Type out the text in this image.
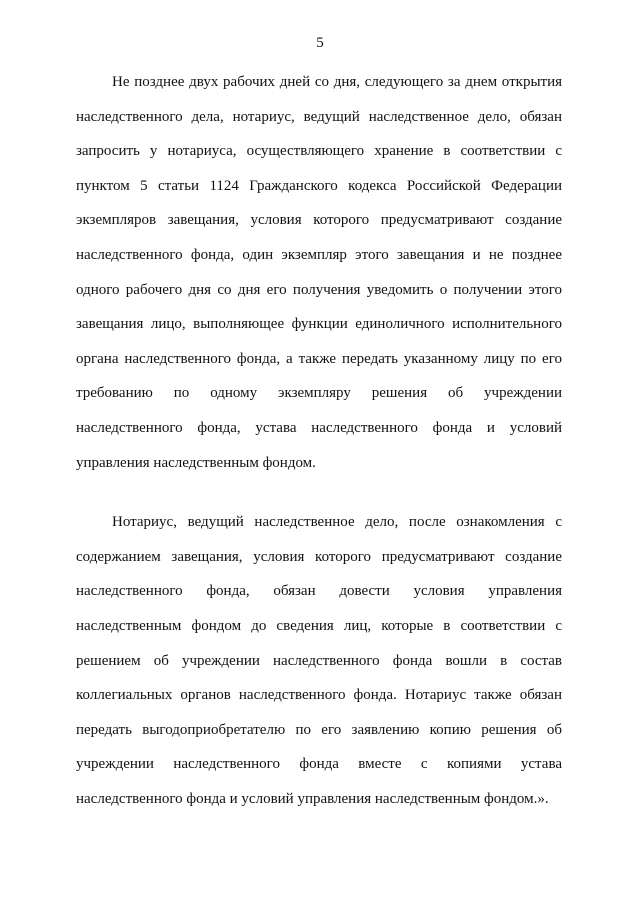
5
Не позднее двух рабочих дней со дня, следующего за днем открытия
наследственного дела, нотариус, ведущий наследственное дело, обязан
запросить у нотариуса, осуществляющего хранение в соответствии с
пунктом 5 статьи 1124 Гражданского кодекса Российской Федерации
экземпляров завещания, условия которого предусматривают создание
наследственного фонда, один экземпляр этого завещания и не позднее
одного рабочего дня со дня его получения уведомить о получении этого
завещания лицо, выполняющее функции единоличного исполнительного
органа наследственного фонда, а также передать указанному лицу по его
требованию по одному экземпляру решения об учреждении
наследственного фонда, устава наследственного фонда и условий
управления наследственным фондом.
Нотариус, ведущий наследственное дело, после ознакомления с
содержанием завещания, условия которого предусматривают создание
наследственного фонда, обязан довести условия управления
наследственным фондом до сведения лиц, которые в соответствии с
решением об учреждении наследственного фонда вошли в состав
коллегиальных органов наследственного фонда. Нотариус также обязан
передать выгодоприобретателю по его заявлению копию решения об
учреждении наследственного фонда вместе с копиями устава
наследственного фонда и условий управления наследственным фондом.».
